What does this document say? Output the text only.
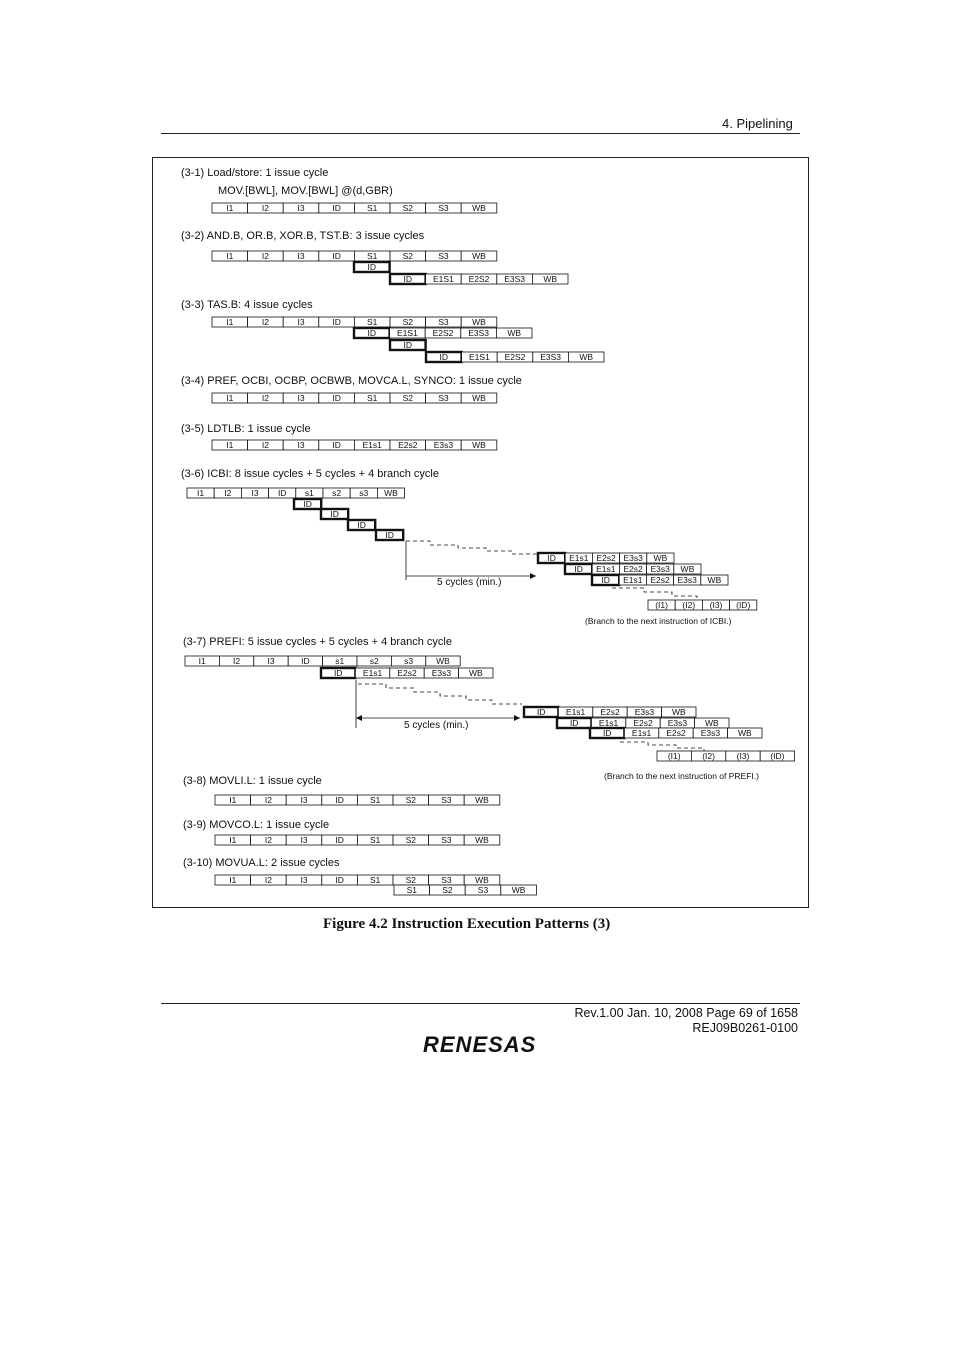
4. Pipelining
(3-1) Load/store: 1 issue cycle
MOV.[BWL], MOV.[BWL] @(d,GBR)
(3-2) AND.B, OR.B, XOR.B, TST.B: 3 issue cycles
(3-3) TAS.B: 4 issue cycles
(3-4) PREF, OCBI, OCBP, OCBWB, MOVCA.L, SYNCO: 1 issue cycle
(3-5) LDTLB: 1 issue cycle
(3-6) ICBI: 8 issue cycles + 5 cycles + 4 branch cycle
(3-7) PREFI: 5 issue cycles + 5 cycles + 4 branch cycle
(3-8) MOVLI.L: 1 issue cycle
(3-9) MOVCO.L: 1 issue cycle
(3-10) MOVUA.L: 2 issue cycles
I1	I2	I3	ID	S1	S2	S3	WB
I1	I2	I3	ID	S1	S2	S3	WB
ID
ID E1S1 E2S2 E3S3 WB
I1	I2	I3	ID	S1	S2	S3	WB
ID E1S1 E2S2 E3S3 WB
ID
ID E1S1 E2S2 E3S3 WB
I1	I2	I3	ID	S1	S2	S3	WB
I1	I2	I3	ID	E1s1 E2s2 E3s3 WB
I1 I2 I3 ID s1 s2 s3 WB
ID
ID
ID
ID
ID E1s1 E2s2 E3s3 WB
ID E1s1 E2s2 E3s3 WB
ID E1s1 E2s2 E3s3 WB
(I1) (I2) (I3) (ID)
I1	I2	I3	ID	s1	s2	s3	WB
ID E1s1 E2s2 E3s3 WB
ID E1s1 E2s2 E3s3 WB
ID E1s1 E2s2 E3s3 WB
ID E1s1 E2s2 E3s3 WB
(I1)	(I2)	(I3) (ID)
I1	I2	I3	ID	S1	S2	S3	WB
I1	I2	I3	ID	S1	S2	S3	WB
I1	I2	I3	ID	S1	S2	S3	WB
S1	S2	S3	WB
5 cycles (min.)
(Branch to the next instruction of ICBI.)
5 cycles (min.)
(Branch to the next instruction of PREFI.)
Figure 4.2 Instruction Execution Patterns (3)
Rev.1.00 Jan. 10, 2008 Page 69 of 1658
REJ09B0261-0100
RENESAS
